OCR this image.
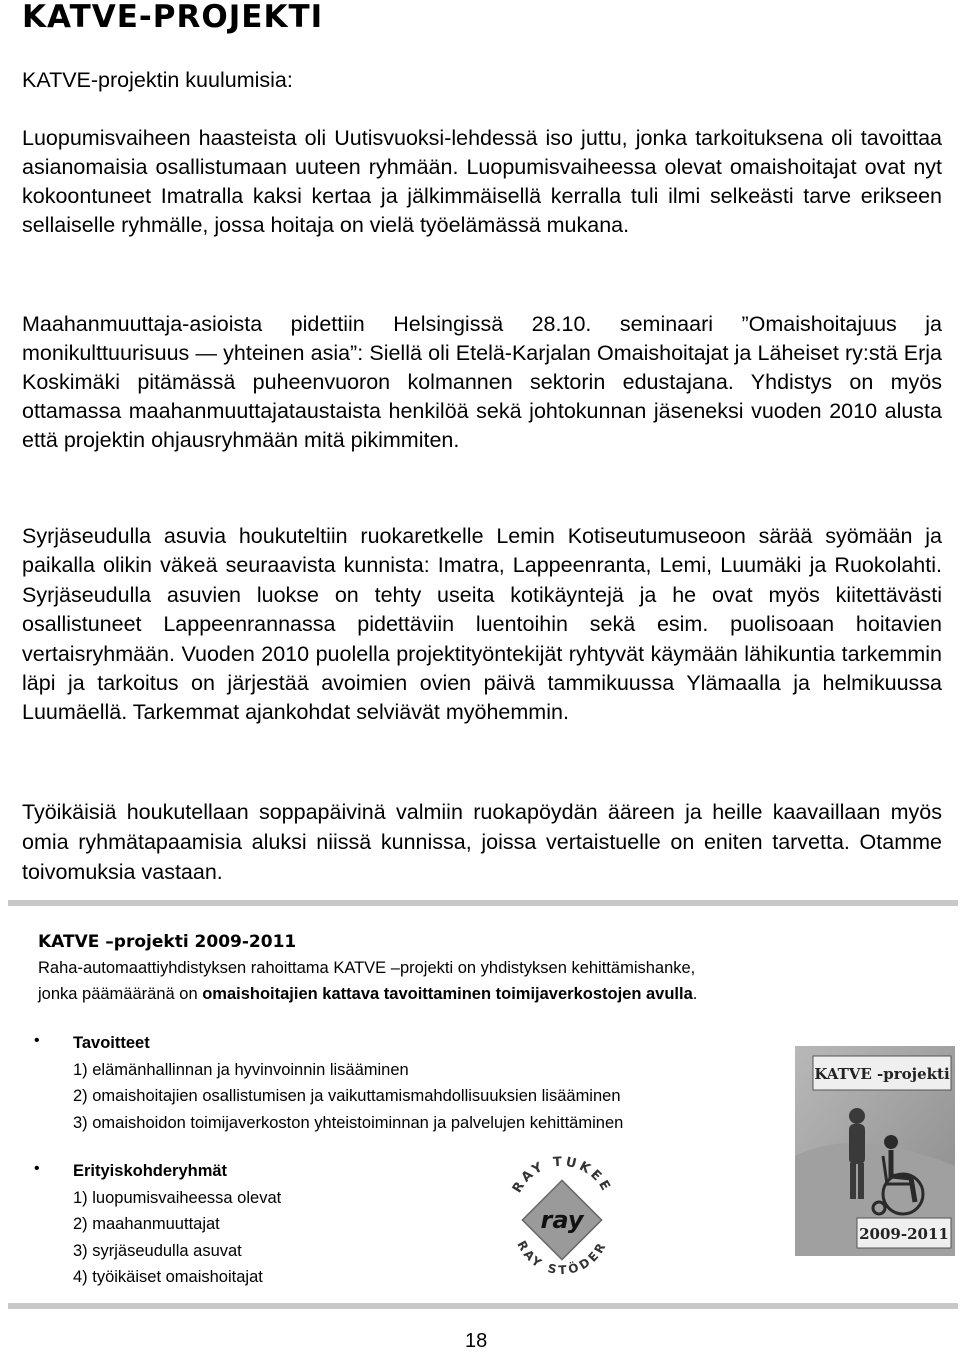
KATVE-PROJEKTI
KATVE-projektin kuulumisia:
Luopumisvaiheen haasteista oli Uutisvuoksi-lehdessä iso juttu, jonka tarkoituksena oli tavoittaa asianomaisia osallistumaan uuteen ryhmään. Luopumisvaiheessa olevat omaishoitajat ovat nyt kokoontuneet Imatralla kaksi kertaa ja jälkimmäisellä kerralla tuli ilmi selkeästi tarve erikseen sellaiselle ryhmälle, jossa hoitaja on vielä työelämässä mukana.
Maahanmuuttaja-asioista pidettiin Helsingissä 28.10. seminaari ”Omaishoitajuus ja monikulttuurisuus — yhteinen asia”: Siellä oli Etelä-Karjalan Omaishoitajat ja Läheiset ry:stä Erja Koskimäki pitämässä puheenvuoron kolmannen sektorin edustajana. Yhdistys on myös ottamassa maahanmuuttajataustaista henkilöä sekä johtokunnan jäseneksi vuoden 2010 alusta että projektin ohjausryhmään mitä pikimmiten.
Syrjäseudulla asuvia houkuteltiin ruokaretkelle Lemin Kotiseutumuseoon särää syömään ja paikalla olikin väkeä seuraavista kunnista: Imatra, Lappeenranta, Lemi, Luumäki ja Ruokolahti. Syrjäseudulla asuvien luokse on tehty useita kotikäyntejä ja he ovat myös kiitettävästi osallistuneet Lappeenrannassa pidettäviin luentoihin sekä esim. puolisoaan hoitavien vertaisryhmään. Vuoden 2010 puolella projektityöntekijät ryhtyvät käymään lähikuntia tarkemmin läpi ja tarkoitus on järjestää avoimien ovien päivä tammikuussa Ylämaalla ja helmikuussa Luumäellä. Tarkemmat ajankohdat selviävät myöhemmin.
Työikäisiä houkutellaan soppapäivinä valmiin ruokapöydän ääreen ja heille kaavaillaan myös omia ryhmätapaamisia aluksi niissä kunnissa, joissa vertaistuelle on eniten tarvetta. Otamme toivomuksia vastaan.
KATVE –projekti 2009-2011
Raha-automaattiyhdistyksen rahoittama KATVE –projekti on yhdistyksen kehittämishanke,
jonka päämääränä on omaishoitajien kattava tavoittaminen toimijaverkostojen avulla.
• Tavoitteet
1) elämänhallinnan ja hyvinvoinnin lisääminen
2) omaishoitajien osallistumisen ja vaikuttamismahdollisuuksien lisääminen
3) omaishoidon toimijaverkoston yhteistoiminnan ja palvelujen kehittäminen
• Erityiskohderyhmät
1) luopumisvaiheessa olevat
2) maahanmuuttajat
3) syrjäseudulla asuvat
4) työikäiset omaishoitajat
KATVE -projekti
2009-2011
RAY TUKEE
ray
RAY STÖDER
18
